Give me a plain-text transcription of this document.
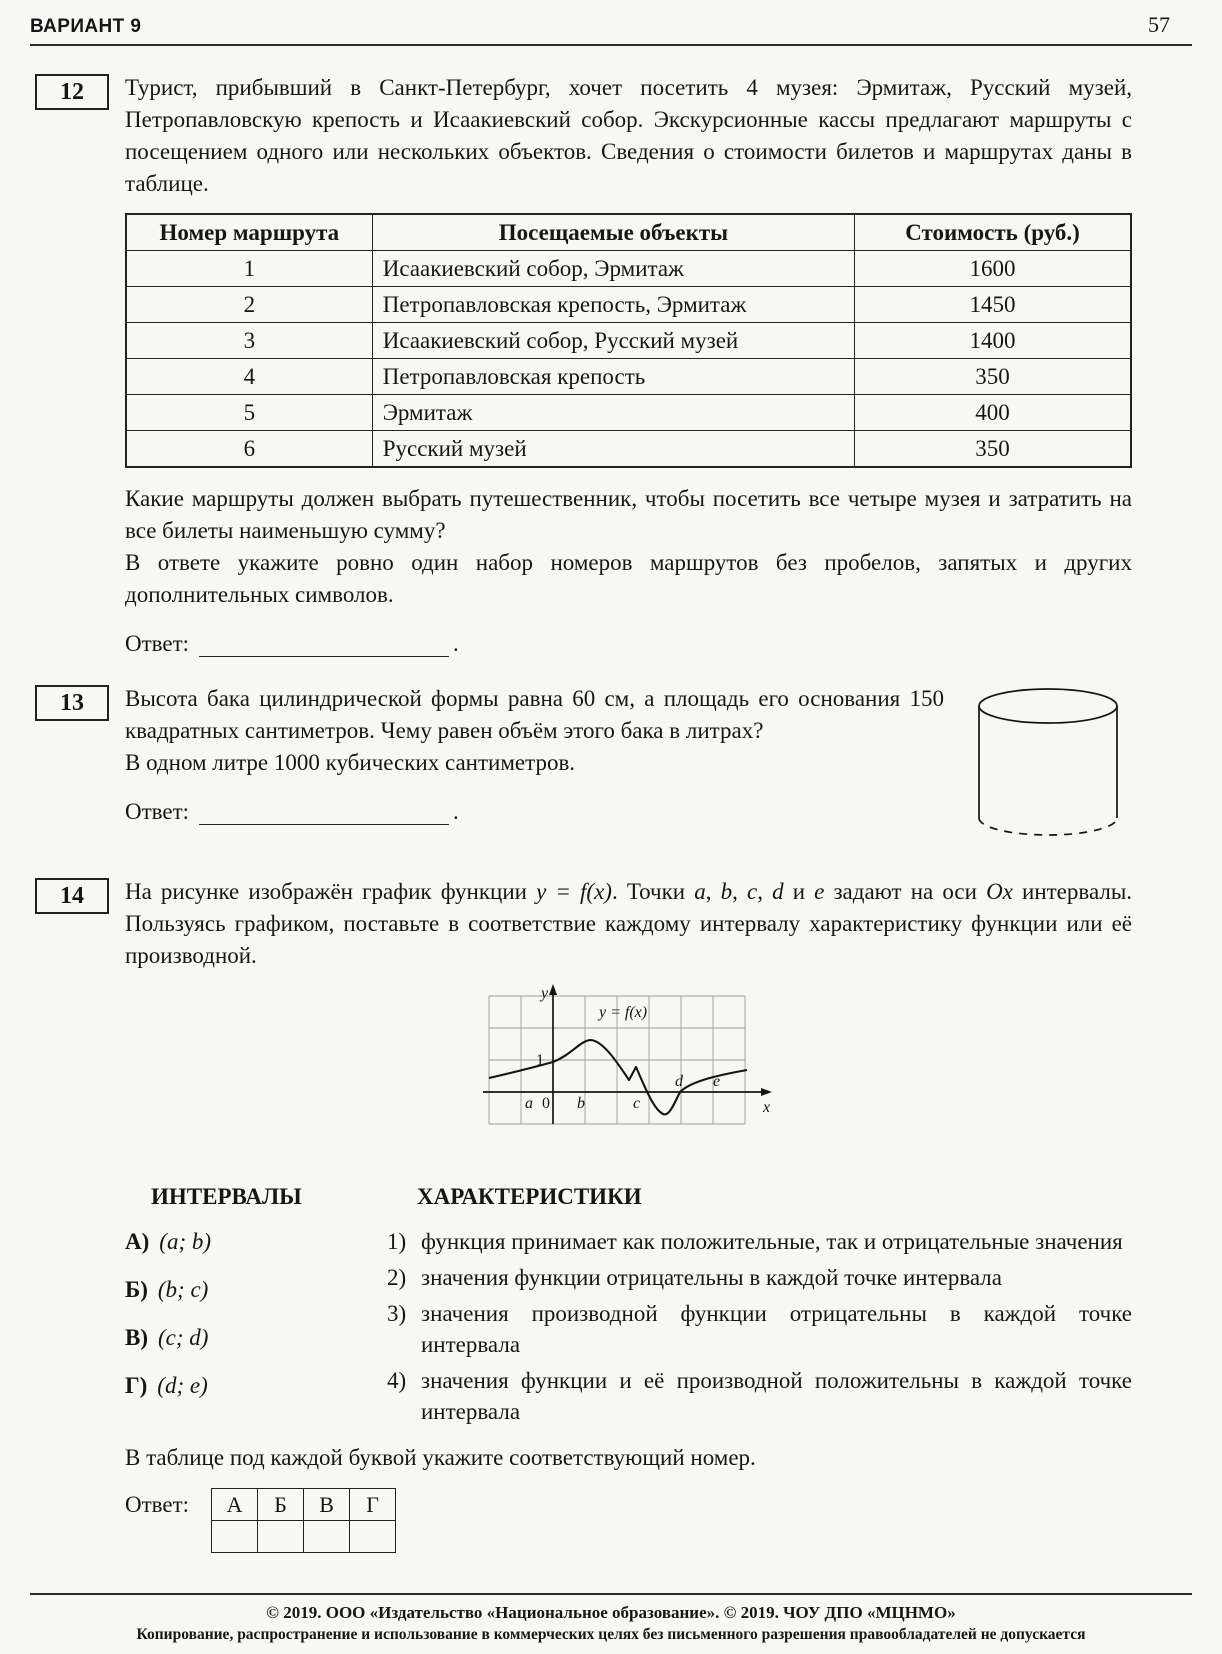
ВАРИАНТ 9	57
12	Турист, прибывший в Санкт-Петербург, хочет посетить 4 музея: Эрмитаж, Русский музей, Петропавловскую крепость и Исаакиевский собор. Экскурсионные кассы предлагают маршруты с посещением одного или нескольких объектов. Сведения о стоимости билетов и маршрутах даны в таблице.

Номер маршрута	Посещаемые объекты	Стоимость (руб.)
1	Исаакиевский собор, Эрмитаж	1600
2	Петропавловская крепость, Эрмитаж	1450
3	Исаакиевский собор, Русский музей	1400
4	Петропавловская крепость	350
5	Эрмитаж	400
6	Русский музей	350

Какие маршруты должен выбрать путешественник, чтобы посетить все четыре музея и затратить на все билеты наименьшую сумму?

В ответе укажите ровно один набор номеров маршрутов без пробелов, запятых и других дополнительных символов.

Ответ:	.
13	Высота бака цилиндрической формы равна 60 см, а площадь его основания 150 квадратных сантиметров. Чему равен объём этого бака в литрах?

В одном литре 1000 кубических сантиметров.

Ответ:	.
14	На рисунке изображён график функции y = f(x). Точки a, b, c, d и e задают на оси Ox интервалы. Пользуясь графиком, поставьте в соответствие каждому интервалу характеристику функции или её производной.

y
x
y = f(x)
1
0
a	b	c
d e
ИНТЕРВАЛЫ
А) (a; b)
Б) (b; c)
В) (c; d)
Г) (d; e)
ХАРАКТЕРИСТИКИ
1) функция принимает как положительные, так и отрицательные значения
2) значения функции отрицательны в каждой точке интервала
3) значения производной функции отрицательны в каждой точке интервала
4) значения функции и её производной положительны в каждой точке интервала

В таблице под каждой буквой укажите соответствующий номер.

Ответ: А	Б	В	Г

© 2019. ООО «Издательство «Национальное образование». © 2019. ЧОУ ДПО «МЦНМО»
Копирование, распространение и использование в коммерческих целях без письменного разрешения правообладателей не допускается
